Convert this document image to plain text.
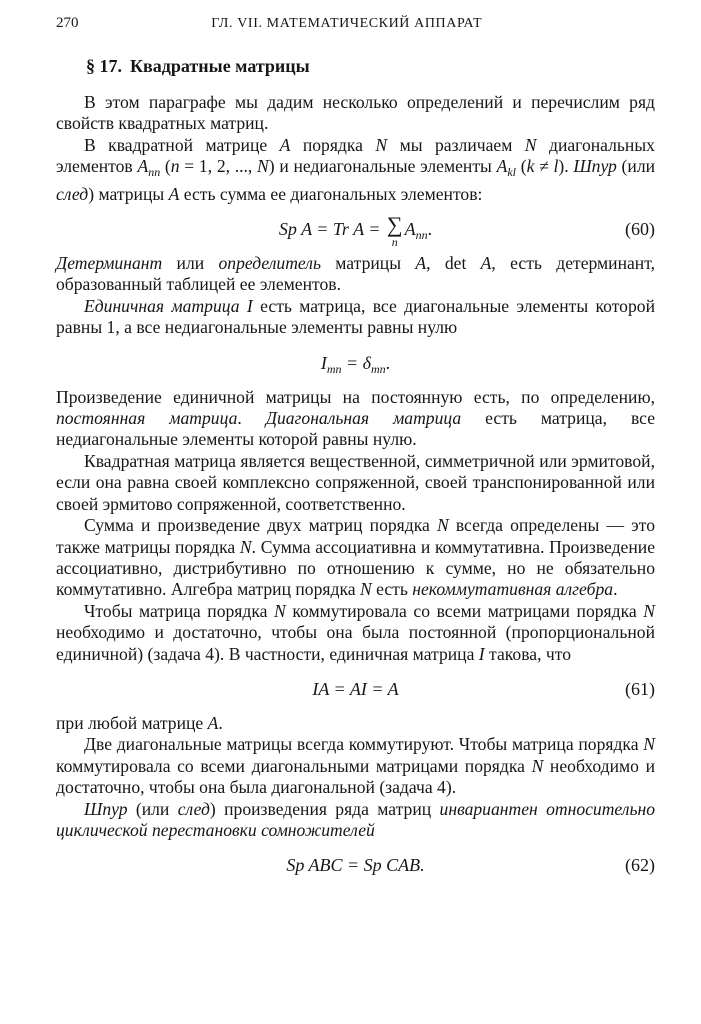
270	ГЛ. VII. МАТЕМАТИЧЕСКИЙ АППАРАТ
§ 17. Квадратные матрицы

В этом параграфе мы дадим несколько определений и перечислим ряд свойств квадратных матриц.

В квадратной матрице A порядка N мы различаем N диагональных элементов $A_{nn}$ (n = 1, 2, ..., N) и недиагональные элементы $A_{kl}$ (k ≠ l). Шпур (или след) матрицы A есть сумма ее диагональных элементов:

Sp A = Tr A = ∑
n
$A_{nn}$.	(60)

Детерминант или определитель матрицы A, det A, есть детерминант, образованный таблицей ее элементов.

Единичная матрица I есть матрица, все диагональные элементы которой равны 1, а все недиагональные элементы равны нулю

$I_{mn} = \delta_{mn}$.

Произведение единичной матрицы на постоянную есть, по определению, постоянная матрица. Диагональная матрица есть матрица, все недиагональные элементы которой равны нулю.

Квадратная матрица является вещественной, симметричной или эрмитовой, если она равна своей комплексно сопряженной, своей транспонированной или своей эрмитово сопряженной, соответственно.

Сумма и произведение двух матриц порядка N всегда определены — это также матрицы порядка N. Сумма ассоциативна и коммутативна. Произведение ассоциативно, дистрибутивно по отношению к сумме, но не обязательно коммутативно. Алгебра матриц порядка N есть некоммутативная алгебра.

Чтобы матрица порядка N коммутировала со всеми матрицами порядка N необходимо и достаточно, чтобы она была постоянной (пропорциональной единичной) (задача 4). В частности, единичная матрица I такова, что

IA = AI = A	(61)

при любой матрице A.

Две диагональные матрицы всегда коммутируют. Чтобы матрица порядка N коммутировала со всеми диагональными матрицами порядка N необходимо и достаточно, чтобы она была диагональной (задача 4).

Шпур (или след) произведения ряда матриц инвариантен относительно циклической перестановки сомножителей

Sp ABC = Sp CAB.	(62)
